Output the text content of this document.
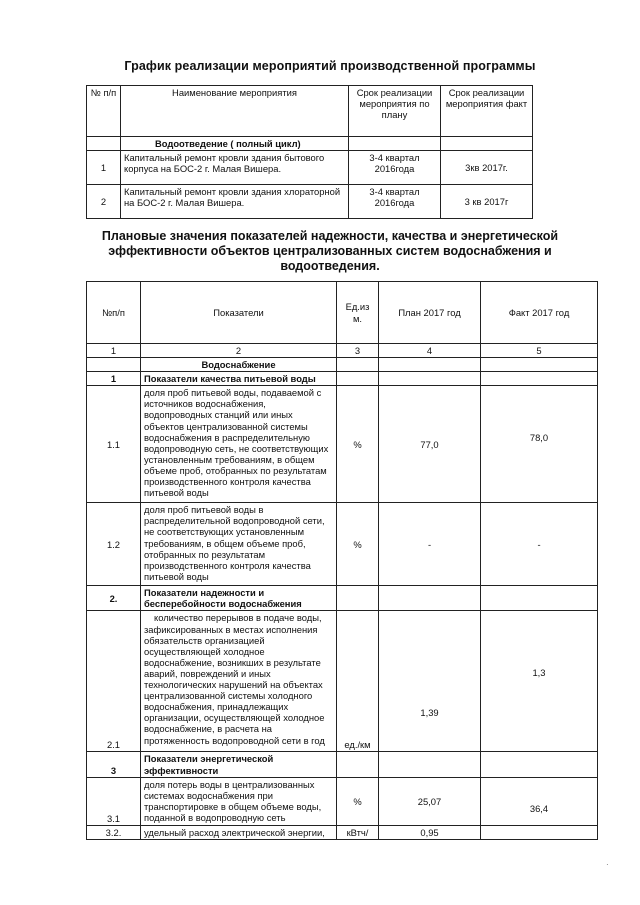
График реализации мероприятий производственной программы
№ п/п	Наименование мероприятия	Срок реализации мероприятия по плану	Срок реализации мероприятия факт
	Водоотведение ( полный цикл)		
1	Капитальный ремонт кровли здания бытового корпуса на БОС-2 г. Малая Вишера.	3-4 квартал 2016года	3кв 2017г.
2	Капитальный ремонт кровли здания хлораторной на БОС-2 г. Малая Вишера.	3-4 квартал 2016года	3 кв 2017г
Плановые значения показателей надежности, качества и энергетической эффективности объектов централизованных систем водоснабжения и водоотведения.
№п/п	Показатели	Ед.из м.	План 2017 год	Факт 2017 год
1	2	3	4	5
	Водоснабжение			
1	Показатели качества питьевой воды			
1.1	доля проб питьевой воды, подаваемой с источников водоснабжения, водопроводных станций или иных объектов централизованной системы водоснабжения в распределительную водопроводную сеть, не соответствующих установленным требованиям, в общем объеме проб, отобранных по результатам производственного контроля качества питьевой воды	%	77,0	78,0
1.2	доля проб питьевой воды в распределительной водопроводной сети, не соответствующих установленным требованиям, в общем объеме проб, отобранных по результатам производственного контроля качества питьевой воды	%	-	-
2.	Показатели надежности и бесперебойности водоснабжения			
2.1	количество перерывов в подаче воды, зафиксированных в местах исполнения обязательств организацией осуществляющей холодное водоснабжение, возникших в результате аварий, повреждений и иных технологических нарушений на объектах централизованной системы холодного водоснабжения, принадлежащих организации, осуществляющей холодное водоснабжение, в расчета на протяженность водопроводной сети в год	ед./км	1,39	1,3
3	Показатели энергетической эффективности			
3.1	доля потерь воды в централизованных системах водоснабжения при транспортировке в общем объеме воды, поданной в водопроводную сеть	%	25,07	36,4
3.2.	удельный расход электрической энергии,	кВтч/	0,95	
·
